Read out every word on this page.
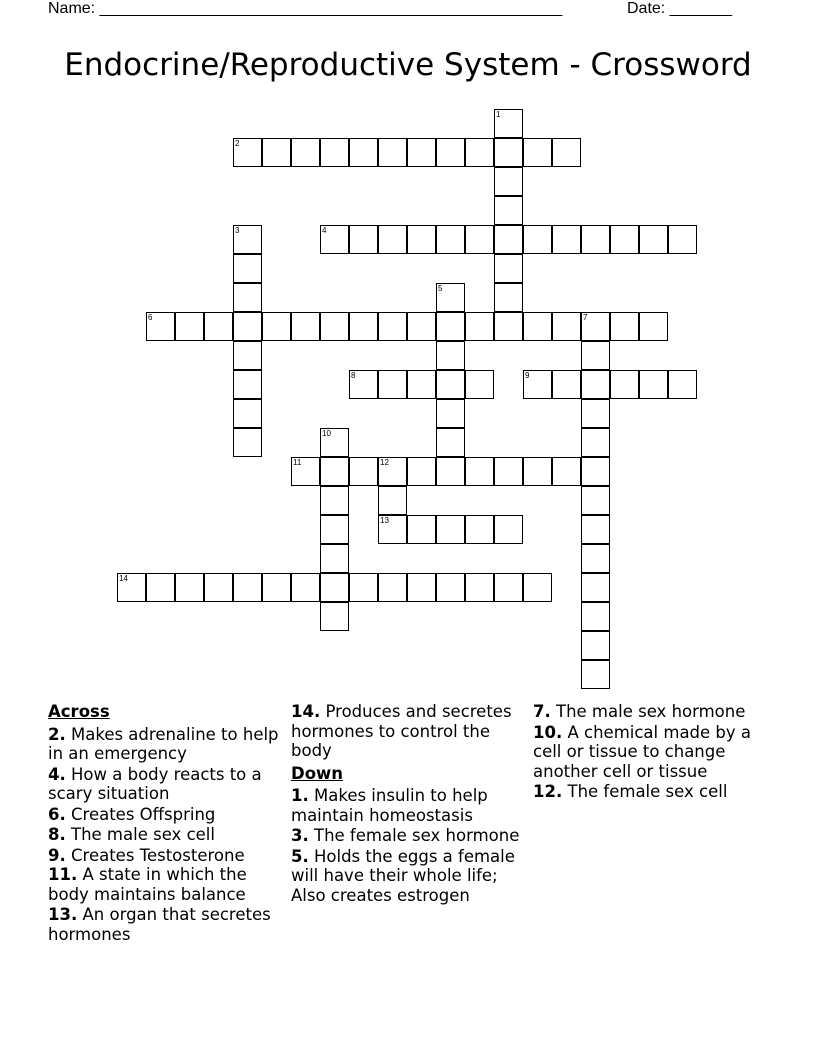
Name: ____________________________________________________	Date: _______
Endocrine/Reproductive System - Crossword
1
2
3	4
5
6	7
8	9
10
11	12
13
14
Across
2. Makes adrenaline to help in an emergency
4. How a body reacts to a scary situation
6. Creates Offspring
8. The male sex cell
9. Creates Testosterone
11. A state in which the body maintains balance
13. An organ that secretes hormones
14. Produces and secretes hormones to control the body
Down
1. Makes insulin to help maintain homeostasis
3. The female sex hormone
5. Holds the eggs a female will have their whole life; Also creates estrogen
7. The male sex hormone
10. A chemical made by a cell or tissue to change another cell or tissue
12. The female sex cell
